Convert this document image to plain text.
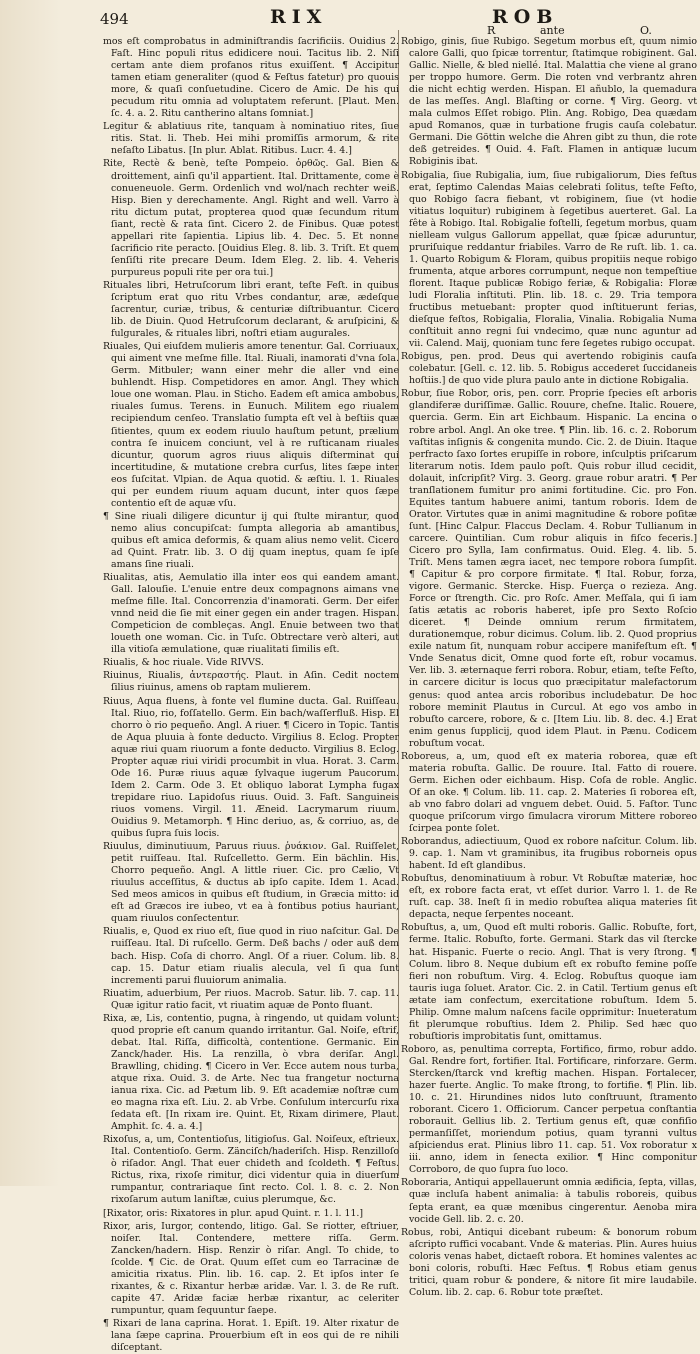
494	RIX	ROB
R	ante	O.

mos eſt comprobatus in adminiſtrandis ſacrificiis. Ouidius 2. Faſt. Hinc populi ritus edidicere noui. Tacitus lib. 2. Niſi certam ante diem profanos ritus exuiſſent. ¶ Accipitur tamen etiam generaliter (quod & Feſtus fatetur) pro quouis more, & quaſi conſuetudine. Cicero de Amic. De his qui pecudum ritu omnia ad voluptatem referunt. [Plaut. Men. ſc. 4. a. 2. Ritu cantherino altans ſomniat.]

Legitur & ablatiuus rite, tanquam à nominatiuo rites, ſiue ritis. Stat. li. Theb. Hei mihi promiſſis armorum, & rite neſaſto Libatus. [In plur. Ablat. Ritibus. Lucr. 4. 4.]

Rite, Rectè & benè, teſte Pompeio. ὀρθῶς. Gal. Bien & droittement, ainſi qu'il appartient. Ital. Drittamente, come è conueneuole. Germ. Ordenlich vnd wol/nach rechter weiß. Hisp. Bien y derechamente. Angl. Right and well. Varro à ritu dictum putat, propterea quod quæ ſecundum ritum ſiant, rectè & rata ſint. Cicero 2. de Finibus. Quæ potest appellari rite ſapientia. Lipius lib. 4. Dec. 5. Et nonne ſacrificio rite peracto. [Ouidius Eleg. 8. lib. 3. Triſt. Et quem ſenſiſti rite precare Deum. Idem Eleg. 2. lib. 4. Veheris purpureus populi rite per ora tui.]

Rituales libri, Hetruſcorum libri erant, teſte Feſt. in quibus ſcriptum erat quo ritu Vrbes condantur, aræ, ædeſque ſacrentur, curiæ, tribus, & centuriæ diſtribuantur. Cicero lib. de Diuin. Quod Hetruſcorum declarant, & aruſpicini, & fulgurales, & rituales libri, noſtri etiam augurales.

Riuales, Qui eiuſdem mulieris amore tenentur. Gal. Corriuaux, qui aiment vne meſme fille. Ital. Riuali, inamorati d'vna ſola. Germ. Mitbuler; wann einer mehr die aller vnd eine buhlendt. Hisp. Competidores en amor. Angl. They which loue one woman. Plau. in Sticho. Eadem eſt amica ambobus, riuales ſumus. Terens. in Eunuch. Militem ego riualem recipiendum cenſeo. Translatio ſumpta eſt vel à beſtiis quæ ſitientes, quum ex eodem riuulo hauſtum petunt, prælium contra ſe inuicem conciunt, vel à re ruſticanam riuales dicuntur, quorum agros riuus aliquis diſterminat qui incertitudine, & mutatione crebra curſus, lites ſæpe inter eos ſuſcitat. Vlpian. de Aqua quotid. & æſtiu. l. 1. Riuales qui per eundem riuum aquam ducunt, inter quos ſæpe contentio eſt de aquæ vſu.

¶ Sine riuali diligere dicuntur ij qui ſtulte mirantur, quod nemo alius concupiſcat: ſumpta allegoria ab amantibus, quibus eſt amica deformis, & quam alius nemo velit. Cicero ad Quint. Fratr. lib. 3. O dij quam ineptus, quam ſe ipſe amans ſine riuali.

Riualitas, atis, Aemulatio illa inter eos qui eandem amant. Gall. Ialouſie. L'enuie entre deux compagnons aimans vne meſme fille. Ital. Concorrenzia d'inamorati. Germ. Der eifer vnnd neid die ſie mit einer gegen ein ander tragen. Hispan. Competicion de combleças. Angl. Enuie between two that loueth one woman. Cic. in Tuſc. Obtrectare verò alteri, aut illa vitioſa æmulatione, quæ riualitati ſimilis eſt.

Riualis, & hoc riuale. Vide RIVVS.

Riuinus, Riualis, ἀντεραστής. Plaut. in Aſin. Cedit noctem ſilius riuinus, amens ob raptam mulierem.

Riuus, Aqua fluens, à fonte vel flumine ducta. Gal. Ruiſſeau. Ital. Riuo, rio, foſſatello. Germ. Ein bach/waſſerfluß. Hisp. El chorro ò rio pequeño. Angl. A riuer. ¶ Cicero in Topic. Tantis de Aqua pluuia à fonte deducto. Virgilius 8. Eclog. Propter aquæ riui quam riuorum a fonte deducto. Virgilius 8. Eclog. Propter aquæ riui viridi procumbit in vlua. Horat. 3. Carm. Ode 16. Puræ riuus aquæ ſylvaque iugerum Paucorum. Idem 2. Carm. Ode 3. Et obliquo laborat Lympha fugax trepidare riuo. Lapidoſus riuus. Ouid. 3. Faſt. Sanguineis riuos vomens. Virgil. 11. Æneid. Lacrymarum riuum. Ouidius 9. Metamorph. ¶ Hinc deriuo, as, & corriuo, as, de quibus ſupra ſuis locis.

Riuulus, diminutiuum, Paruus riuus. ῥυάκιον. Gal. Ruiſſelet, petit ruiſſeau. Ital. Ruſcelletto. Germ. Ein bächlin. His. Chorro pequeño. Angl. A little riuer. Cic. pro Cælio, Vt riuulus acceſſitus, & ductus ab ipſo capite. Idem 1. Acad. Sed meos amicos in quibus eſt ſtudium, in Græcia mitto: id eſt ad Græcos ire iubeo, vt ea à fontibus potius hauriant, quam riuulos conſectentur.

Riualis, e, Quod ex riuo eſt, ſiue quod in riuo naſcitur. Gal. De ruiſſeau. Ital. Di ruſcello. Germ. Deß bachs / oder auß dem bach. Hisp. Coſa di chorro. Angl. Of a riuer. Colum. lib. 8. cap. 15. Datur etiam riualis alecula, vel ſi qua ſunt incrementi parui fluuiorum animalia.

Riuatim, aduerbium, Per riuos. Macrob. Satur. lib. 7. cap. 11. Quæ igitur ratio facit, vt riuatim aquæ de Ponto fluant.

Rixa, æ, Lis, contentio, pugna, à ringendo, ut quidam volunt: quod proprie eſt canum quando irritantur. Gal. Noiſe, eſtrif, debat. Ital. Riſſa, difficoltà, contentione. Germanic. Ein Zanck/hader. His. La renzilla, ò vbra deriſar. Angl. Brawlling, chiding. ¶ Cicero in Ver. Ecce autem nous turba, atque rixa. Ouid. 3. de Arte. Nec tua frangetur nocturna ianua rixa. Cic. ad Pætum lib. 9. Eſt academiæ noſtræ cum eo magna rixa eſt. Liu. 2. ab Vrbe. Conſulum intercurſu rixa ſedata eſt. [In rixam ire. Quint. Et, Rixam dirimere, Plaut. Amphit. ſc. 4. a. 4.]

Rixoſus, a, um, Contentioſus, litigioſus. Gal. Noiſeux, eſtrieux. Ital. Contentioſo. Germ. Zänciſch/haderiſch. Hisp. Renzilloſo ò riſador. Angl. That euer chideth and ſcoldeth. ¶ Feſtus. Rictus, rixa, rixoſe rimitur, dici videntur quia in diuerſum rumpantur, contrariaque ſint recto. Col. l. 8. c. 2. Non rixoſarum autum laniſtæ, cuius plerumque, &c.

[Rixator, oris: Rixatores in plur. apud Quint. r. 1. l. 11.]

Rixor, aris, Iurgor, contendo, litigo. Gal. Se riotter, eſtriuer, noiſer. Ital. Contendere, mettere riſſa. Germ. Zancken/hadern. Hisp. Renzir ò riſar. Angl. To chide, to ſcolde. ¶ Cic. de Orat. Quum eſſet cum eo Tarracinæ de amicitia rixatus. Plin. lib. 16. cap. 2. Et ipſos inter ſe rixantes, & c. Rixantur herbæ aridæ. Var. l. 3. de Re ruſt. capite 47. Aridæ faciæ herbæ rixantur, ac celeriter rumpuntur, quam ſequuntur ſaepe.

¶ Rixari de lana caprina. Horat. 1. Epiſt. 19. Alter rixatur de lana ſæpe caprina. Prouerbium eſt in eos qui de re nihili diſceptant.

Robigo, ginis, ſiue Rubigo. Segetum morbus eſt, quum nimio calore Galli, quo ſpicæ torrentur, ſtatimque robiginent. Gal. Gallic. Nielle, & bled niellé. Ital. Malattia che viene al grano per troppo humore. Germ. Die roten vnd verbrantz ahren die nicht echtig werden. Hispan. El añublo, la quemadura de las meſſes. Angl. Blaſting or corne. ¶ Virg. Georg. vt mala culmos Eſſet robigo. Plin. Ang. Robigo, Dea quædam apud Romanos, quæ in turbatione frugis cauſa colebatur. Germani. Die Göttin welche die Ahren gibt zu thun, die rote deß getreides. ¶ Ouid. 4. Faſt. Flamen in antiquæ lucum Robiginis ibat.

Robigalia, ſiue Rubigalia, ium, ſiue rubigaliorum, Dies feſtus erat, ſeptimo Calendas Maias celebrati ſolitus, teſte Feſto, quo Robigo ſacra fiebant, vt robiginem, ſiue (vt hodie vitiatus loquitur) rubiginem à ſegetibus auerteret. Gal. La fête à Robigo. Ital. Robigalie foſtelli, ſegetum morbus, quam nielleam vulgus Gallorum appellat, quæ ſpicæ aduruntur, pruriſuique reddantur friabiles. Varro de Re ruſt. lib. 1. ca. 1. Quarto Robigum & Floram, quibus propitiis neque robigo frumenta, atque arbores corrumpunt, neque non tempeſtiue florent. Itaque publicæ Robigo feriæ, & Robigalia: Floræ ludi Floralia inſtituti. Plin. lib. 18. c. 29. Tria tempora fructibus metuebant: propter quod inſtituerunt ferias, dieſque feſtos, Robigalia, Floralia, Vinalia. Robigalia Numa conſtituit anno regni ſui vndecimo, quæ nunc aguntur ad vii. Calend. Maij, quoniam tunc fere ſegetes rubigo occupat.

Robigus, pen. prod. Deus qui avertendo robiginis cauſa colebatur. [Gell. c. 12. lib. 5. Robigus accederet ſuccidaneis hoſtiis.] de quo vide plura paulo ante in dictione Robigalia.

Robur, ſiue Robor, oris, pen. corr. Proprie ſpecies eſt arboris glandiferæ duriſſimæ. Gallic. Rouure, cheſne. Italic. Rouere, quercia. Germ. Ein art Eichbaum. Hispanic. La encina o robre arbol. Angl. An oke tree. ¶ Plin. lib. 16. c. 2. Roborum vaſtitas inſignis & congenita mundo. Cic. 2. de Diuin. Itaque perfracto ſaxo ſortes erupiſſe in robore, inſculptis priſcarum literarum notis. Idem paulo poſt. Quis robur illud cecidit, dolauit, inſcripſit? Virg. 3. Georg. graue robur aratri. ¶ Per tranſlationem fumitur pro animi fortitudine. Cic. pro Fon. Equites tantum habuere animi, tantum roboris. Idem de Orator. Virtutes quæ in animi magnitudine & robore poſitæ ſunt. [Hinc Calpur. Flaccus Declam. 4. Robur Tullianum in carcere. Quintilian. Cum robur aliquis in fiſco feceris.] Cicero pro Sylla, Iam confirmatus. Ouid. Eleg. 4. lib. 5. Triſt. Mens tamen ægra iacet, nec tempore robora ſumpſit. ¶ Capitur & pro corpore firmitate. ¶ Ital. Robur, forza, vigore. Germanic. Stercke. Hisp. Fuerça o rezieza. Ang. Force or ſtrength. Cic. pro Roſc. Amer. Meſſala, qui ſi iam ſatis ætatis ac roboris haberet, ipſe pro Sexto Roſcio diceret. ¶ Deinde omnium rerum firmitatem, durationemque, robur dicimus. Colum. lib. 2. Quod proprius exile natum ſit, nunquam robur accipere manifeſtum eſt. ¶ Vnde Senatus dicit, Omne quod forte eſt, robur vocamus. Ver. lib. 3. æternaque ferri robora. Robur, etiam, teſte Feſto, in carcere dicitur is locus quo præcipitatur malefactorum genus: quod antea arcis roboribus includebatur. De hoc robore meminit Plautus in Curcul. At ego vos ambo in robuſto carcere, robore, & c. [Item Liu. lib. 8. dec. 4.] Erat enim genus ſupplicij, quod idem Plaut. in Pænu. Codicem robuſtum vocat.

Roboreus, a, um, quod eſt ex materia roborea, quæ eſt materia robuſta. Gallic. De rouure. Ital. Fatto di rouere. Germ. Eichen oder eichbaum. Hisp. Coſa de roble. Anglic. Of an oke. ¶ Colum. lib. 11. cap. 2. Materies ſi roborea eſt, ab vno fabro dolari ad vnguem debet. Ouid. 5. Faſtor. Tunc quoque priſcorum virgo ſimulacra virorum Mittere roboreo ſcirpea ponte ſolet.

Roborandus, adiectiuum, Quod ex robore naſcitur. Colum. lib. 9. cap. 1. Nam vt graminibus, ita frugibus roborneis opus habent. Id eſt glandibus.

Robuſtus, denominatiuum à robur. Vt Robuſtæ materiæ, hoc eſt, ex robore facta erat, vt eſſet durior. Varro l. 1. de Re ruſt. cap. 38. Ineſt ſi in medio robuſtea aliqua materies ſit depacta, neque ſerpentes noceant.

Robuſtus, a, um, Quod eſt multi roboris. Gallic. Robuſte, fort, ferme. Italic. Robuſto, forte. Germani. Stark das vil ſtercke hat. Hispanic. Fuerte o recio. Angl. That is very ſtrong. ¶ Colum. libro 8. Neque dubium eſt ex robuſto femine poſſe fieri non robuſtum. Virg. 4. Eclog. Robuſtus quoque iam tauris iuga ſoluet. Arator. Cic. 2. in Catil. Tertium genus eſt ætate iam confectum, exercitatione robuſtum. Idem 5. Philip. Omne malum naſcens facile opprimitur: Inueteratum fit plerumque robuſtius. Idem 2. Philip. Sed hæc quo robuſtioris improbitatis ſunt, omittamus.

Roboro, as, penultima correpta, Fortifico, firmo, robur addo. Gal. Rendre fort, fortifier. Ital. Fortificare, rinforzare. Germ. Stercken/ſtarck vnd kreftig machen. Hispan. Fortalecer, hazer fuerte. Anglic. To make ſtrong, to fortifie. ¶ Plin. lib. 10. c. 21. Hirundines nidos luto conſtruunt, ſtramento roborant. Cicero 1. Officiorum. Cancer perpetua conſtantia roborauit. Gellius lib. 2. Tertium genus eſt, quæ confiſio permanſiſſet, moriendum potius, quam tyranni vultus aſpiciendus erat. Plinius libro 11. cap. 51. Vox roboratur x iii. anno, idem in ſenecta exilior. ¶ Hinc componitur Corroboro, de quo ſupra ſuo loco.

Roboraria, Antiqui appellauerunt omnia ædificia, ſepta, villas, quæ incluſa habent animalia: à tabulis roboreis, quibus ſepta erant, ea quæ mœnibus cingerentur. Aenoba mira vocide Gell. lib. 2. c. 20.

Robus, robi, Antiqui dicebant rubeum: & bonorum robum aſcripto ruffici vocabant. Vnde & materias. Plin. Aures huius coloris venas habet, dictaeſt robora. Et homines valentes ac boni coloris, robuſti. Hæc Feſtus. ¶ Robus etiam genus tritici, quam robur & pondere, & nitore ſit mire laudabile. Colum. lib. 2. cap. 6. Robur tote præſtet.
